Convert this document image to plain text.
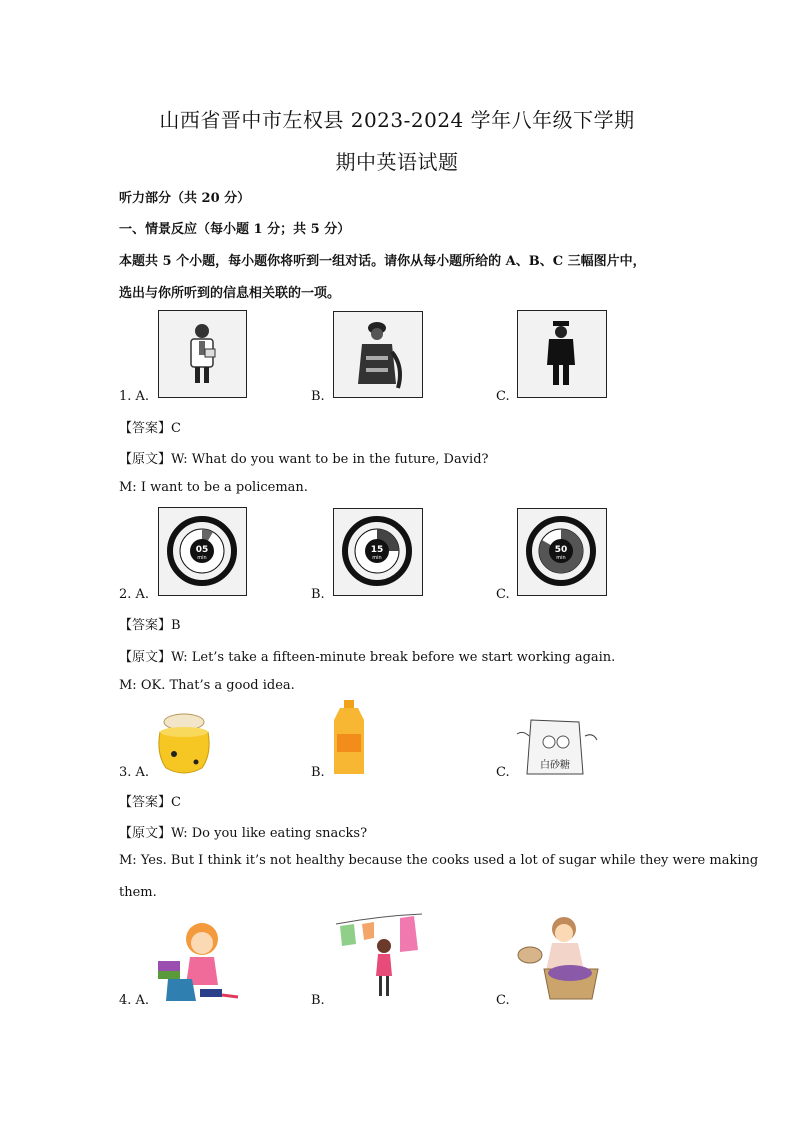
山西省晋中市左权县 2023-2024 学年八年级下学期
期中英语试题
听力部分（共 20 分）
一、情景反应（每小题 1 分；共 5 分）
本题共 5 个小题，每小题你将听到一组对话。请你从每小题所给的 A、B、C 三幅图片中，
选出与你所听到的信息相关联的一项。
1. A.	B.	C.
【答案】C
【原文】W: What do you want to be in the future, David?
M: I want to be a policeman.
2. A.
05
min
B.
15
min
C.
50
min
【答案】B
【原文】W: Let’s take a fifteen-minute break before we start working again.
M: OK. That’s a good idea.
3. A.	B.	C.	白砂糖
【答案】C
【原文】W: Do you like eating snacks?
M: Yes. But I think it’s not healthy because the cooks used a lot of sugar while they were making
them.
4. A.	B.	C.
